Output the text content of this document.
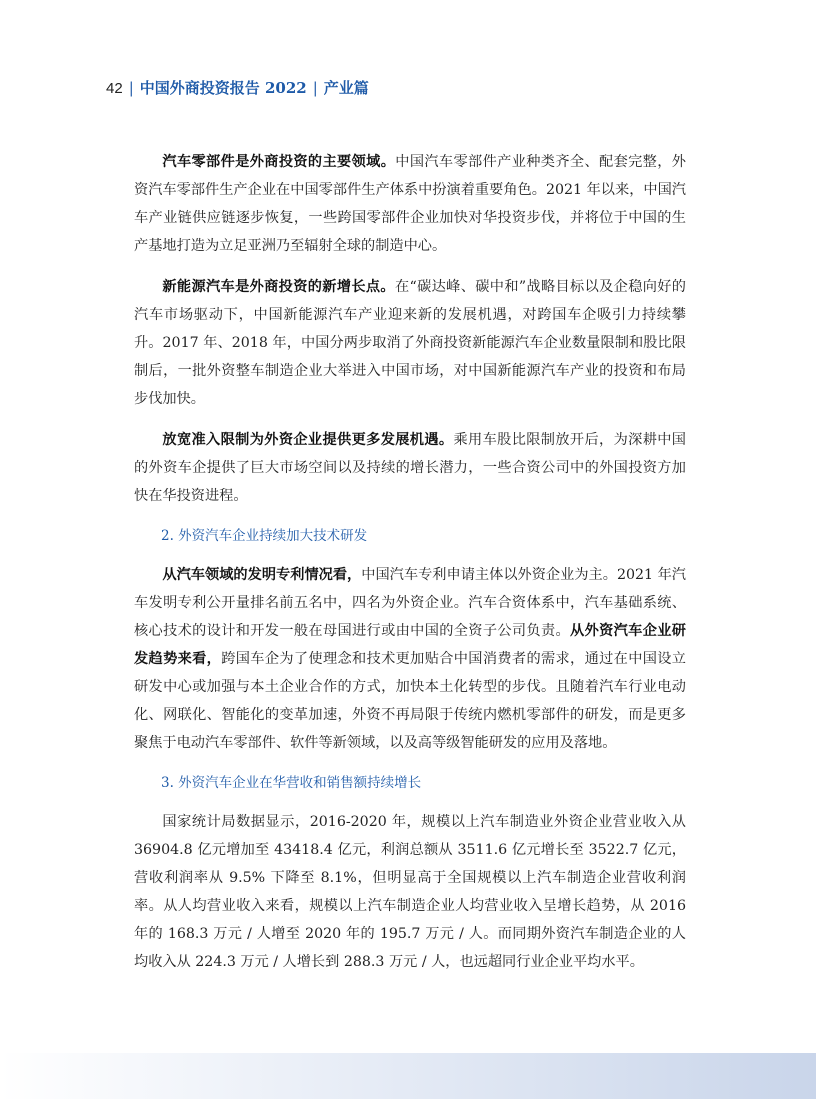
42 | 中国外商投资报告 2022 | 产业篇

汽车零部件是外商投资的主要领域。中国汽车零部件产业种类齐全、配套完整，外资汽车零部件生产企业在中国零部件生产体系中扮演着重要角色。2021 年以来，中国汽车产业链供应链逐步恢复，一些跨国零部件企业加快对华投资步伐，并将位于中国的生产基地打造为立足亚洲乃至辐射全球的制造中心。

新能源汽车是外商投资的新增长点。在“碳达峰、碳中和”战略目标以及企稳向好的汽车市场驱动下，中国新能源汽车产业迎来新的发展机遇，对跨国车企吸引力持续攀升。2017 年、2018 年，中国分两步取消了外商投资新能源汽车企业数量限制和股比限制后，一批外资整车制造企业大举进入中国市场，对中国新能源汽车产业的投资和布局步伐加快。

放宽准入限制为外资企业提供更多发展机遇。乘用车股比限制放开后，为深耕中国的外资车企提供了巨大市场空间以及持续的增长潜力，一些合资公司中的外国投资方加快在华投资进程。

2. 外资汽车企业持续加大技术研发

从汽车领域的发明专利情况看，中国汽车专利申请主体以外资企业为主。2021 年汽车发明专利公开量排名前五名中，四名为外资企业。汽车合资体系中，汽车基础系统、核心技术的设计和开发一般在母国进行或由中国的全资子公司负责。从外资汽车企业研发趋势来看，跨国车企为了使理念和技术更加贴合中国消费者的需求，通过在中国设立研发中心或加强与本土企业合作的方式，加快本土化转型的步伐。且随着汽车行业电动化、网联化、智能化的变革加速，外资不再局限于传统内燃机零部件的研发，而是更多聚焦于电动汽车零部件、软件等新领域，以及高等级智能研发的应用及落地。

3. 外资汽车企业在华营收和销售额持续增长

国家统计局数据显示，2016-2020 年，规模以上汽车制造业外资企业营业收入从 36904.8 亿元增加至 43418.4 亿元，利润总额从 3511.6 亿元增长至 3522.7 亿元，营收利润率从 9.5% 下降至 8.1%，但明显高于全国规模以上汽车制造企业营收利润率。从人均营业收入来看，规模以上汽车制造企业人均营业收入呈增长趋势，从 2016 年的 168.3 万元 / 人增至 2020 年的 195.7 万元 / 人。而同期外资汽车制造企业的人均收入从 224.3 万元 / 人增长到 288.3 万元 / 人，也远超同行业企业平均水平。
